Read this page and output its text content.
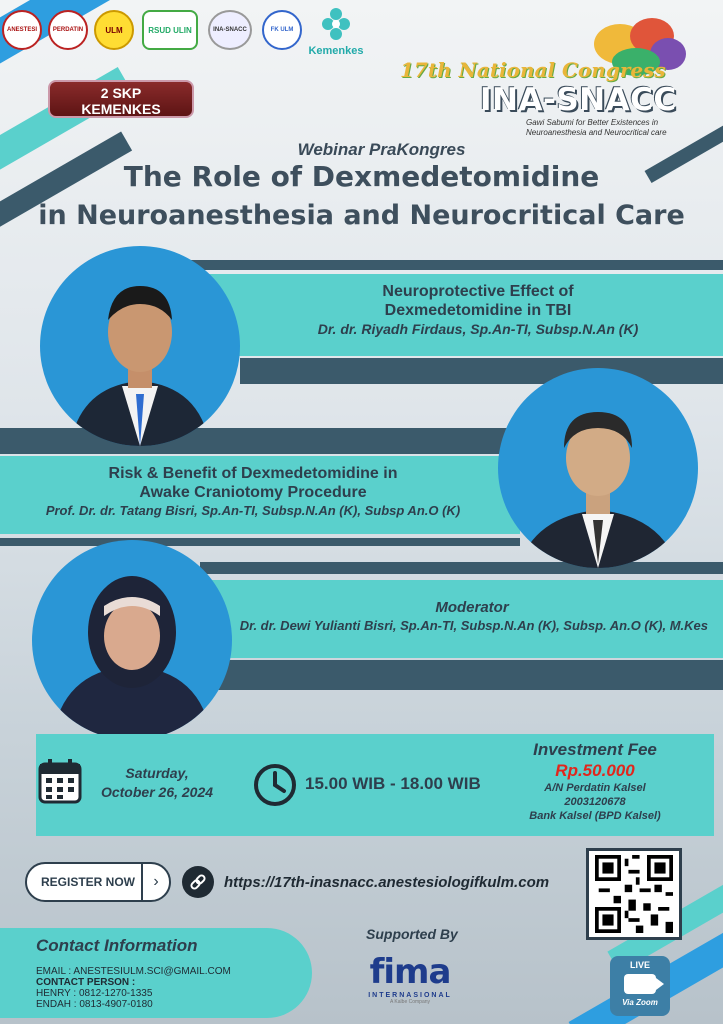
ANESTESI	PERDATIN	ULM	RSUD ULIN	INA-SNACC	FK ULM
Kemenkes
2 SKP
KEMENKES
17th National Congress
INA-SNACC
Gawi Sabumi for Better Existences in Neuroanesthesia and Neurocritical care
Webinar PraKongres
The Role of Dexmedetomidine
in Neuroanesthesia and Neurocritical Care
Neuroprotective Effect of
Dexmedetomidine in TBI
Dr. dr. Riyadh Firdaus, Sp.An-TI, Subsp.N.An (K)
Risk & Benefit of Dexmedetomidine in
Awake Craniotomy Procedure
Prof. Dr. dr. Tatang Bisri, Sp.An-TI, Subsp.N.An (K), Subsp An.O (K)
Moderator
Dr. dr. Dewi Yulianti Bisri, Sp.An-TI, Subsp.N.An (K), Subsp. An.O (K), M.Kes
Saturday,
October 26, 2024	15.00 WIB - 18.00 WIB
Investment Fee
Rp.50.000
A/N Perdatin Kalsel
2003120678
Bank Kalsel (BPD Kalsel)
REGISTER NOW	›	https://17th-inasnacc.anestesiologifkulm.com
Contact Information
EMAIL : ANESTESIULM.SCI@GMAIL.COM
CONTACT PERSON :
HENRY : 0812-1270-1335
ENDAH : 0813-4907-0180
Supported By
fima
INTERNASIONAL
A Kalbe Company
LIVE
Via Zoom
